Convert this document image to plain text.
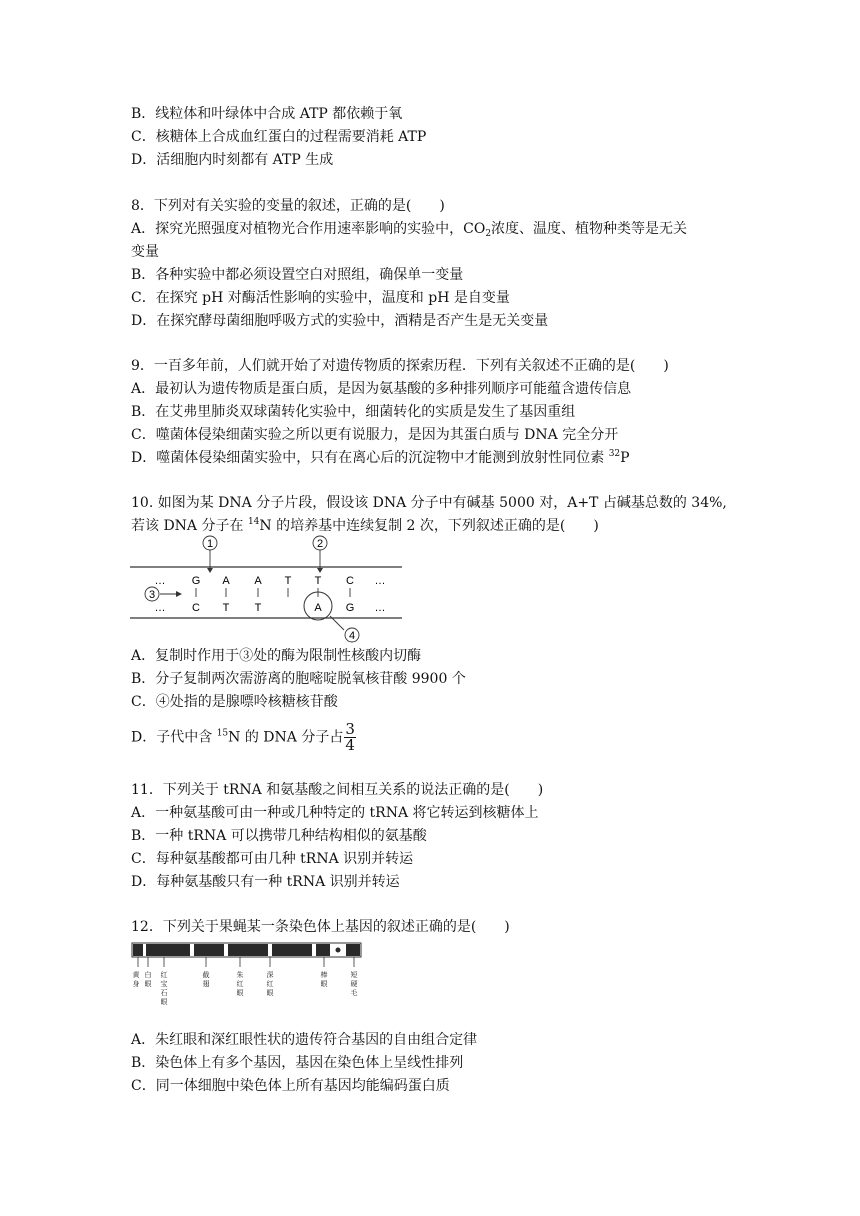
B．线粒体和叶绿体中合成 ATP 都依赖于氧
C．核糖体上合成血红蛋白的过程需要消耗 ATP
D．活细胞内时刻都有 ATP 生成
8．下列对有关实验的变量的叙述，正确的是(　　)
A．探究光照强度对植物光合作用速率影响的实验中，$CO_2$浓度、温度、植物种类等是无关
变量
B．各种实验中都必须设置空白对照组，确保单一变量
C．在探究 pH 对酶活性影响的实验中，温度和 pH 是自变量
D．在探究酵母菌细胞呼吸方式的实验中，酒精是否产生是无关变量
9．一百多年前，人们就开始了对遗传物质的探索历程．下列有关叙述不正确的是(　　)
A．最初认为遗传物质是蛋白质，是因为氨基酸的多种排列顺序可能蕴含遗传信息
B．在艾弗里肺炎双球菌转化实验中，细菌转化的实质是发生了基因重组
C．噬菌体侵染细菌实验之所以更有说服力，是因为其蛋白质与 DNA 完全分开
D．噬菌体侵染细菌实验中，只有在离心后的沉淀物中才能测到放射性同位素 $^{32}$P
10. 如图为某 DNA 分子片段，假设该 DNA 分子中有碱基 5000 对，A+T 占碱基总数的 34%,
若该 DNA 分子在 $^{14}$N 的培养基中连续复制 2 次，下列叙述正确的是(　　)
1	2
… G A A T T C …
3
… C T T	A G …
4
A．复制时作用于③处的酶为限制性核酸内切酶
B．分子复制两次需游离的胞嘧啶脱氧核苷酸 9900 个
C．④处指的是腺嘌呤核糖核苷酸
D．子代中含 $^{15}$N 的 DNA 分子占 $\frac{3}{4}$
11．下列关于 tRNA 和氨基酸之间相互关系的说法正确的是(　　)
A．一种氨基酸可由一种或几种特定的 tRNA 将它转运到核糖体上
B．一种 tRNA 可以携带几种结构相似的氨基酸
C．每种氨基酸都可由几种 tRNA 识别并转运
D．每种氨基酸只有一种 tRNA 识别并转运
12．下列关于果蝇某一条染色体上基因的叙述正确的是(　　)
黄身
白眼
红宝石眼
截翅
朱红眼
深红眼
棒眼
短硬毛
A．朱红眼和深红眼性状的遗传符合基因的自由组合定律
B．染色体上有多个基因，基因在染色体上呈线性排列
C．同一体细胞中染色体上所有基因均能编码蛋白质
